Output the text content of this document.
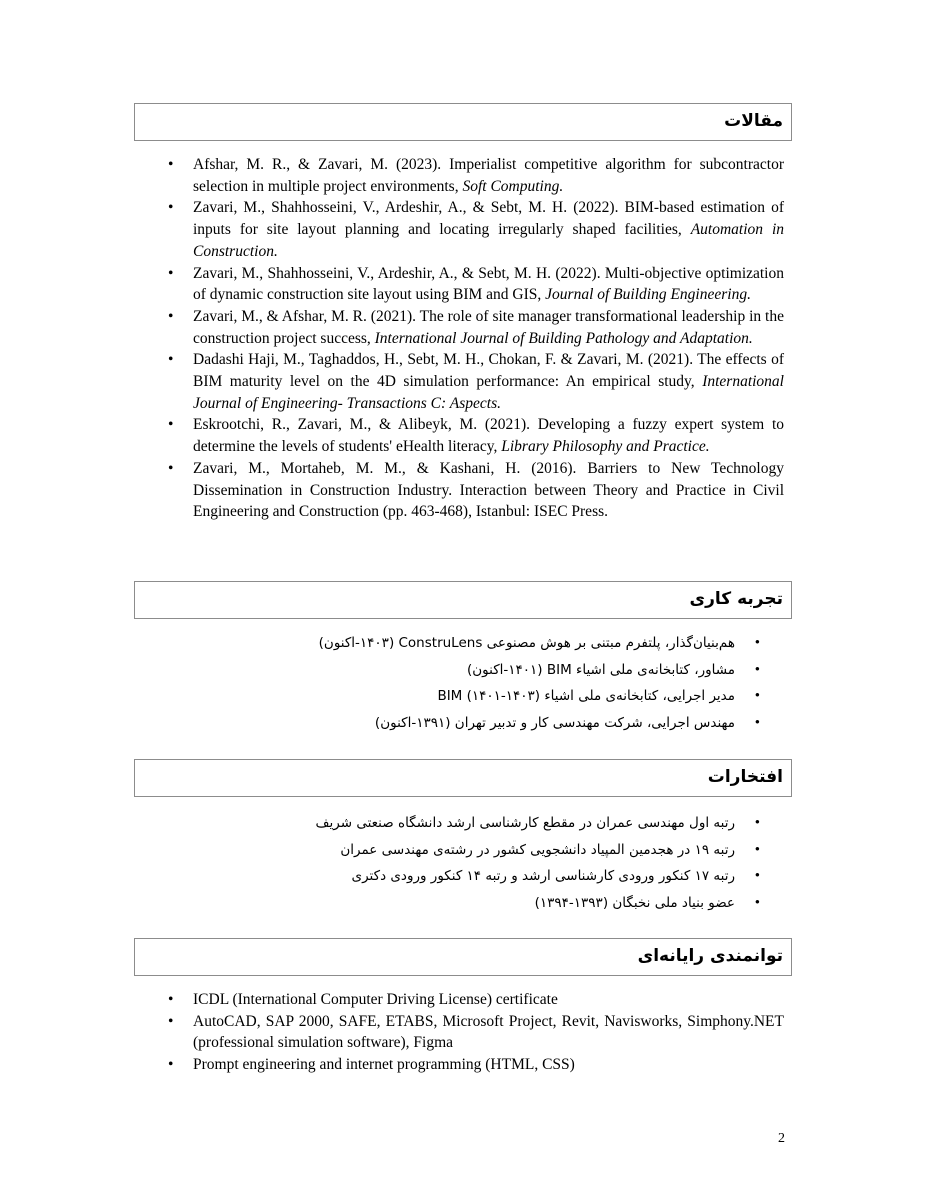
مقالات
• Afshar, M. R., & Zavari, M. (2023). Imperialist competitive algorithm for subcontractor selection in multiple project environments, Soft Computing.
• Zavari, M., Shahhosseini, V., Ardeshir, A., & Sebt, M. H. (2022). BIM-based estimation of inputs for site layout planning and locating irregularly shaped facilities, Automation in Construction.
• Zavari, M., Shahhosseini, V., Ardeshir, A., & Sebt, M. H. (2022). Multi-objective optimization of dynamic construction site layout using BIM and GIS, Journal of Building Engineering.
• Zavari, M., & Afshar, M. R. (2021). The role of site manager transformational leadership in the construction project success, International Journal of Building Pathology and Adaptation.
• Dadashi Haji, M., Taghaddos, H., Sebt, M. H., Chokan, F. & Zavari, M. (2021). The effects of BIM maturity level on the 4D simulation performance: An empirical study, International Journal of Engineering- Transactions C: Aspects.
• Eskrootchi, R., Zavari, M., & Alibeyk, M. (2021). Developing a fuzzy expert system to determine the levels of students' eHealth literacy, Library Philosophy and Practice.
• Zavari, M., Mortaheb, M. M., & Kashani, H. (2016). Barriers to New Technology Dissemination in Construction Industry. Interaction between Theory and Practice in Civil Engineering and Construction (pp. 463-468), Istanbul: ISEC Press.
تجربه کاری
•
هم‌بنیان‌گذار، پلتفرم مبتنی بر هوش مصنوعی ConstruLens (۱۴۰۳-اکنون)
•
مشاور، کتابخانه‌ی ملی اشیاء BIM (۱۴۰۱-اکنون)
•
مدیر اجرایی، کتابخانه‌ی ملی اشیاء BIM (۱۴۰۱-۱۴۰۳)
•
مهندس اجرایی، شرکت مهندسی کار و تدبیر تهران (۱۳۹۱-اکنون)
افتخارات
•
رتبه اول مهندسی عمران در مقطع کارشناسی ارشد دانشگاه صنعتی شریف
•
رتبه ۱۹ در هجدمین المپیاد دانشجویی کشور در رشته‌ی مهندسی عمران
•
رتبه ۱۷ کنکور ورودی کارشناسی ارشد و رتبه ۱۴ کنکور ورودی دکتری
•
عضو بنیاد ملی نخبگان (۱۳۹۳-۱۳۹۴)
توانمندی رایانه‌ای
• ICDL (International Computer Driving License) certificate
• AutoCAD, SAP 2000, SAFE, ETABS, Microsoft Project, Revit, Navisworks, Simphony.NET (professional simulation software), Figma
• Prompt engineering and internet programming (HTML, CSS)
2
